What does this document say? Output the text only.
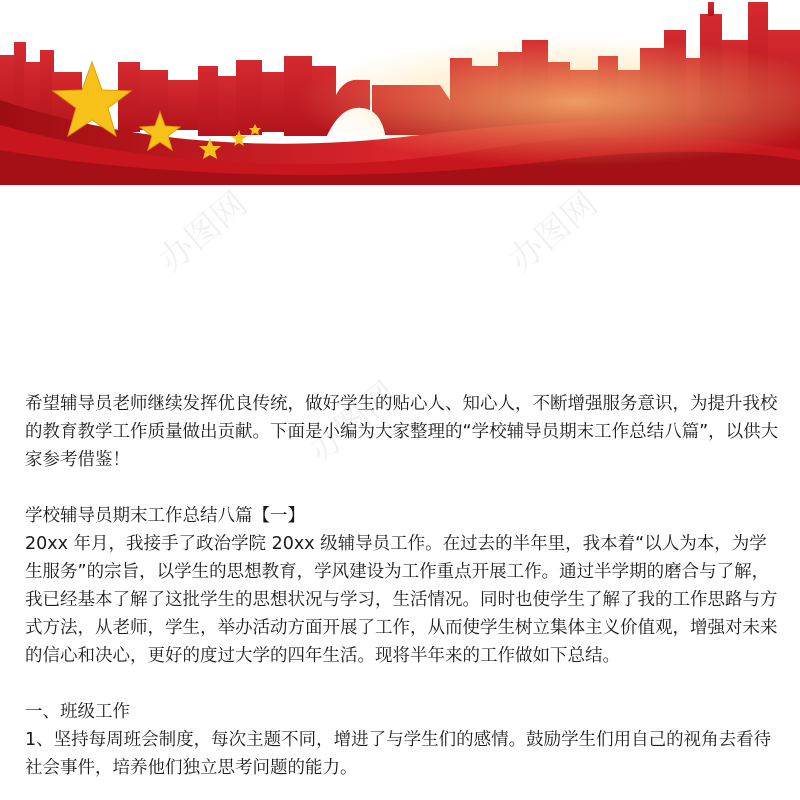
办图网	办图网
办图网

希望辅导员老师继续发挥优良传统，做好学生的贴心人、知心人，不断增强服务意识，为提升我校的教育教学工作质量做出贡献。下面是小编为大家整理的“学校辅导员期末工作总结八篇”，以供大家参考借鉴！

学校辅导员期末工作总结八篇【一】

20xx 年月，我接手了政治学院 20xx 级辅导员工作。在过去的半年里，我本着“以人为本，为学生服务”的宗旨，以学生的思想教育，学风建设为工作重点开展工作。通过半学期的磨合与了解，我已经基本了解了这批学生的思想状况与学习，生活情况。同时也使学生了解了我的工作思路与方式方法，从老师，学生，举办活动方面开展了工作，从而使学生树立集体主义价值观，增强对未来的信心和决心，更好的度过大学的四年生活。现将半年来的工作做如下总结。

一、班级工作

1、坚持每周班会制度，每次主题不同，增进了与学生们的感情。鼓励学生们用自己的视角去看待社会事件，培养他们独立思考问题的能力。
